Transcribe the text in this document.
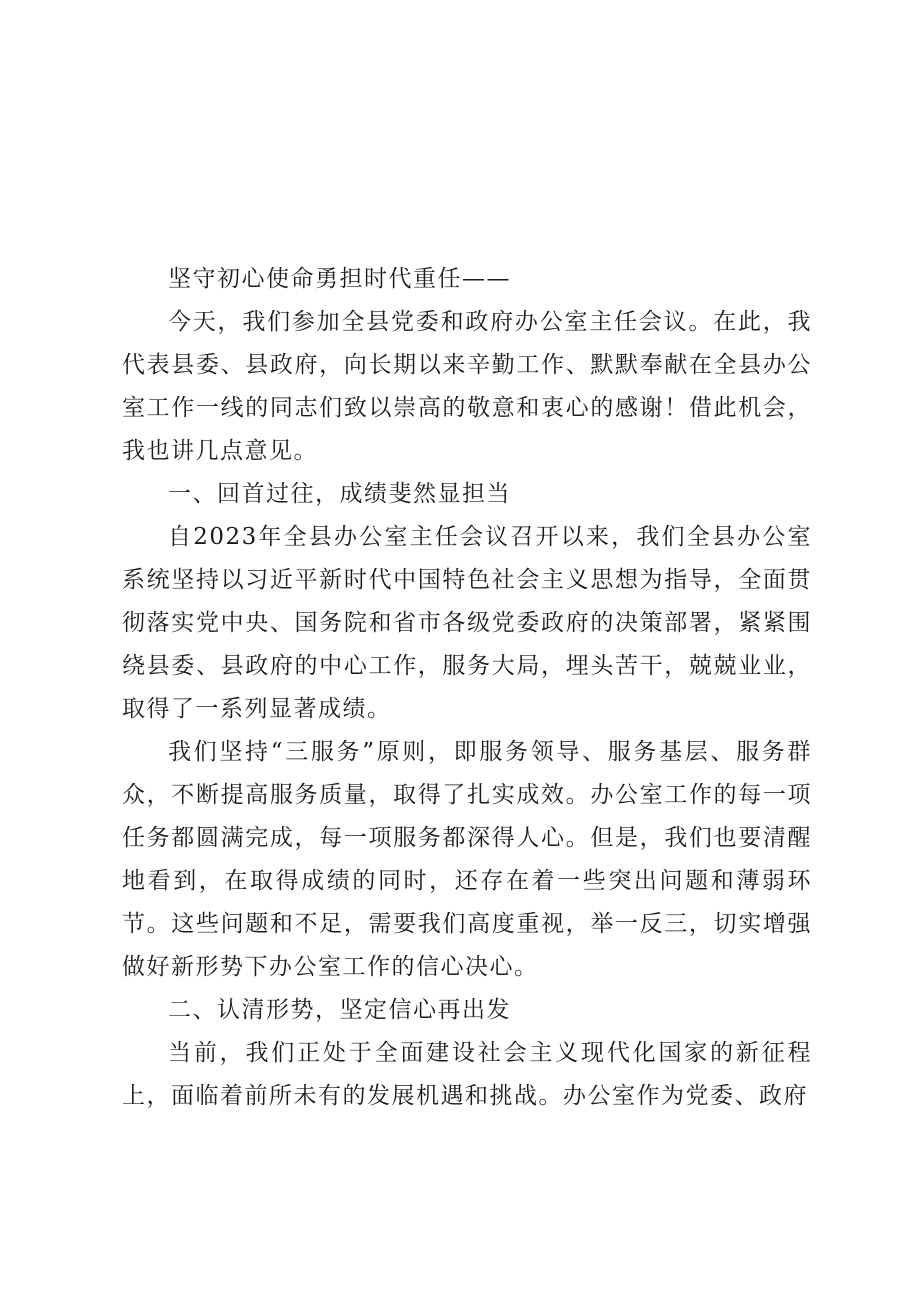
坚守初心使命勇担时代重任——

今天，我们参加全县党委和政府办公室主任会议。在此，我代表县委、县政府，向长期以来辛勤工作、默默奉献在全县办公室工作一线的同志们致以崇高的敬意和衷心的感谢！借此机会，我也讲几点意见。

一、回首过往，成绩斐然显担当

自2023年全县办公室主任会议召开以来，我们全县办公室系统坚持以习近平新时代中国特色社会主义思想为指导，全面贯彻落实党中央、国务院和省市各级党委政府的决策部署，紧紧围绕县委、县政府的中心工作，服务大局，埋头苦干，兢兢业业，取得了一系列显著成绩。

我们坚持“三服务”原则，即服务领导、服务基层、服务群众，不断提高服务质量，取得了扎实成效。办公室工作的每一项任务都圆满完成，每一项服务都深得人心。但是，我们也要清醒地看到，在取得成绩的同时，还存在着一些突出问题和薄弱环节。这些问题和不足，需要我们高度重视，举一反三，切实增强做好新形势下办公室工作的信心决心。

二、认清形势，坚定信心再出发

当前，我们正处于全面建设社会主义现代化国家的新征程上，面临着前所未有的发展机遇和挑战。办公室作为党委、政府
